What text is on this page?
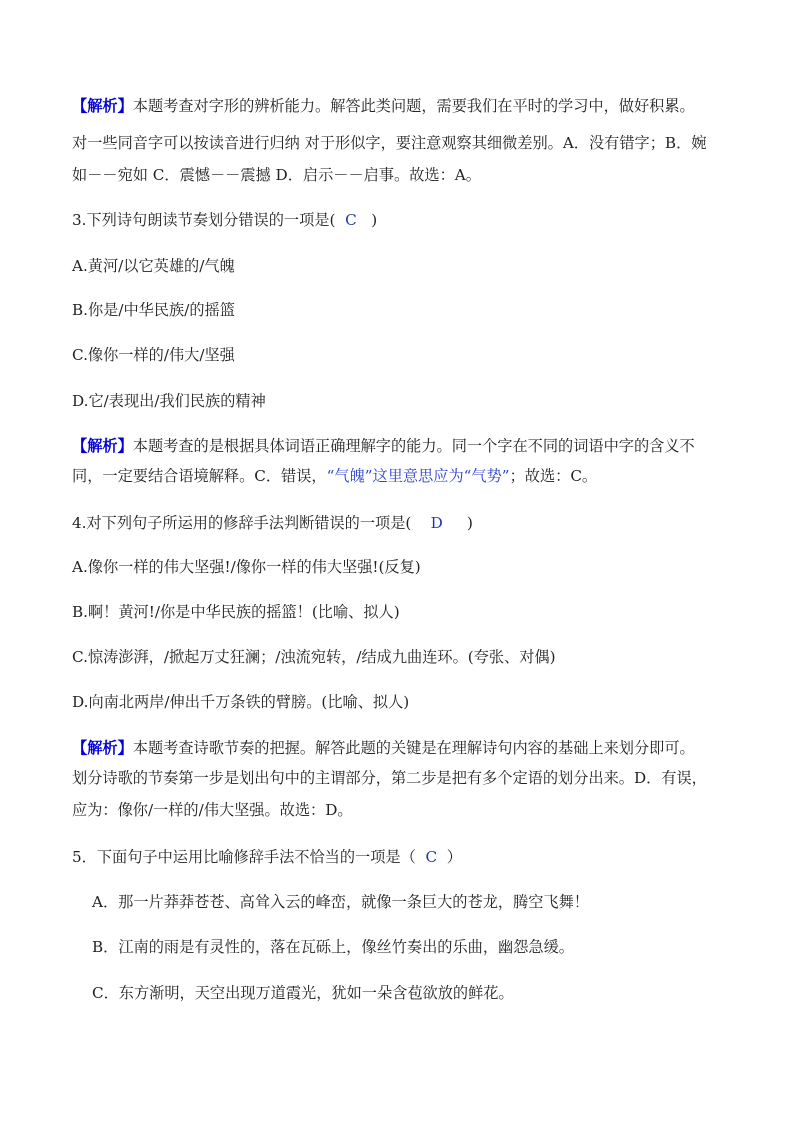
【解析】本题考查对字形的辨析能力。解答此类问题，需要我们在平时的学习中，做好积累。
对一些同音字可以按读音进行归纳 对于形似字，要注意观察其细微差别。A．没有错字；B．婉
如－－宛如 C．震憾－－震撼 D．启示－－启事。故选：A。
3.下列诗句朗读节奏划分错误的一项是( C )
A.黄河/以它英雄的/气魄
B.你是/中华民族/的摇篮
C.像你一样的/伟大/坚强
D.它/表现出/我们民族的精神
【解析】本题考查的是根据具体词语正确理解字的能力。同一个字在不同的词语中字的含义不
同，一定要结合语境解释。C．错误，“气魄”这里意思应为“气势”；故选：C。
4.对下列句子所运用的修辞手法判断错误的一项是( D )
A.像你一样的伟大坚强!/像你一样的伟大坚强!(反复)
B.啊！黄河!/你是中华民族的摇篮！(比喻、拟人)
C.惊涛澎湃，/掀起万丈狂澜；/浊流宛转，/结成九曲连环。(夸张、对偶)
D.向南北两岸/伸出千万条铁的臂膀。(比喻、拟人)
【解析】本题考查诗歌节奏的把握。解答此题的关键是在理解诗句内容的基础上来划分即可。
划分诗歌的节奏第一步是划出句中的主谓部分，第二步是把有多个定语的划分出来。D．有误，
应为：像你/一样的/伟大坚强。故选：D。
5．下面句子中运用比喻修辞手法不恰当的一项是（ C ）
A．那一片莽莽苍苍、高耸入云的峰峦，就像一条巨大的苍龙，腾空飞舞！
B．江南的雨是有灵性的，落在瓦砾上，像丝竹奏出的乐曲，幽怨急缓。
C．东方渐明，天空出现万道霞光，犹如一朵含苞欲放的鲜花。
